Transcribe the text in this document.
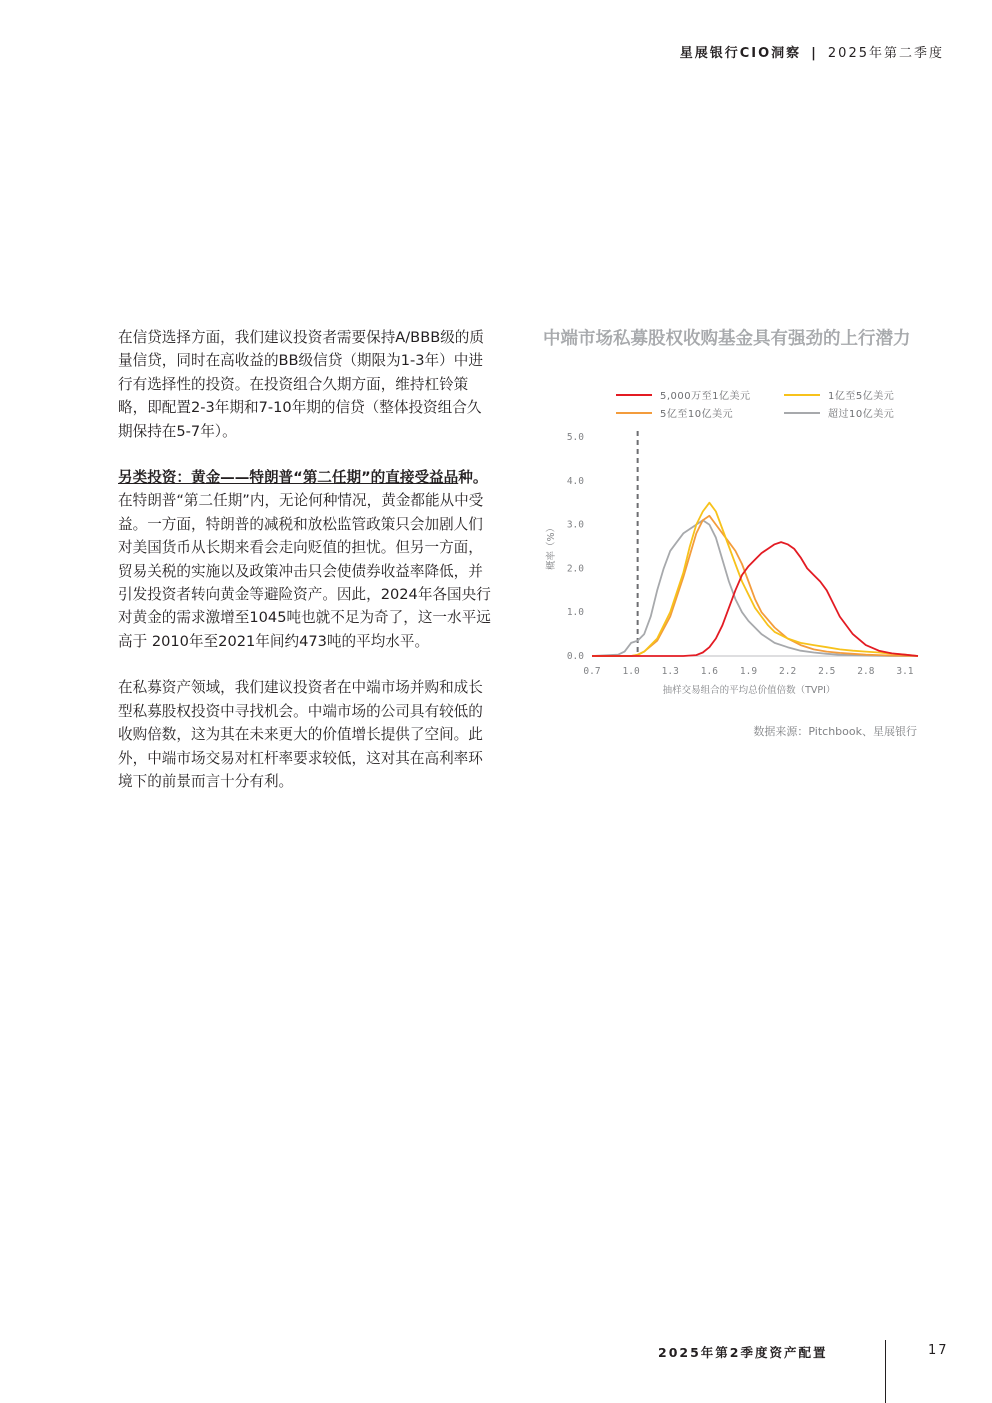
星展银行CIO洞察 | 2025年第二季度

在信贷选择方面，我们建议投资者需要保持A/BBB级的质量信贷，同时在高收益的BB级信贷（期限为1-3年）中进行有选择性的投资。在投资组合久期方面，维持杠铃策略，即配置2-3年期和7-10年期的信贷（整体投资组合久期保持在5-7年）。

另类投资：黄金——特朗普“第二任期”的直接受益品种。在特朗普“第二任期”内，无论何种情况，黄金都能从中受益。一方面，特朗普的减税和放松监管政策只会加剧人们对美国货币从长期来看会走向贬值的担忧。但另一方面，贸易关税的实施以及政策冲击只会使债券收益率降低，并引发投资者转向黄金等避险资产。因此，2024年各国央行对黄金的需求激增至1045吨也就不足为奇了，这一水平远高于 2010年至2021年间约473吨的平均水平。

在私募资产领域，我们建议投资者在中端市场并购和成长型私募股权投资中寻找机会。中端市场的公司具有较低的收购倍数，这为其在未来更大的价值增长提供了空间。此外，中端市场交易对杠杆率要求较低，这对其在高利率环境下的前景而言十分有利。

中端市场私募股权收购基金具有强劲的上行潜力
5,000万至1亿美元	1亿至5亿美元
5亿至10亿美元	超过10亿美元
0.0
1.0
2.0
3.0
4.0
5.0
0.7 1.0 1.3 1.6 1.9 2.2 2.5 2.8 3.1
抽样交易组合的平均总价值倍数（TVPI）
概率（%）
数据来源：Pitchbook、星展银行
2025年第2季度资产配置	17
